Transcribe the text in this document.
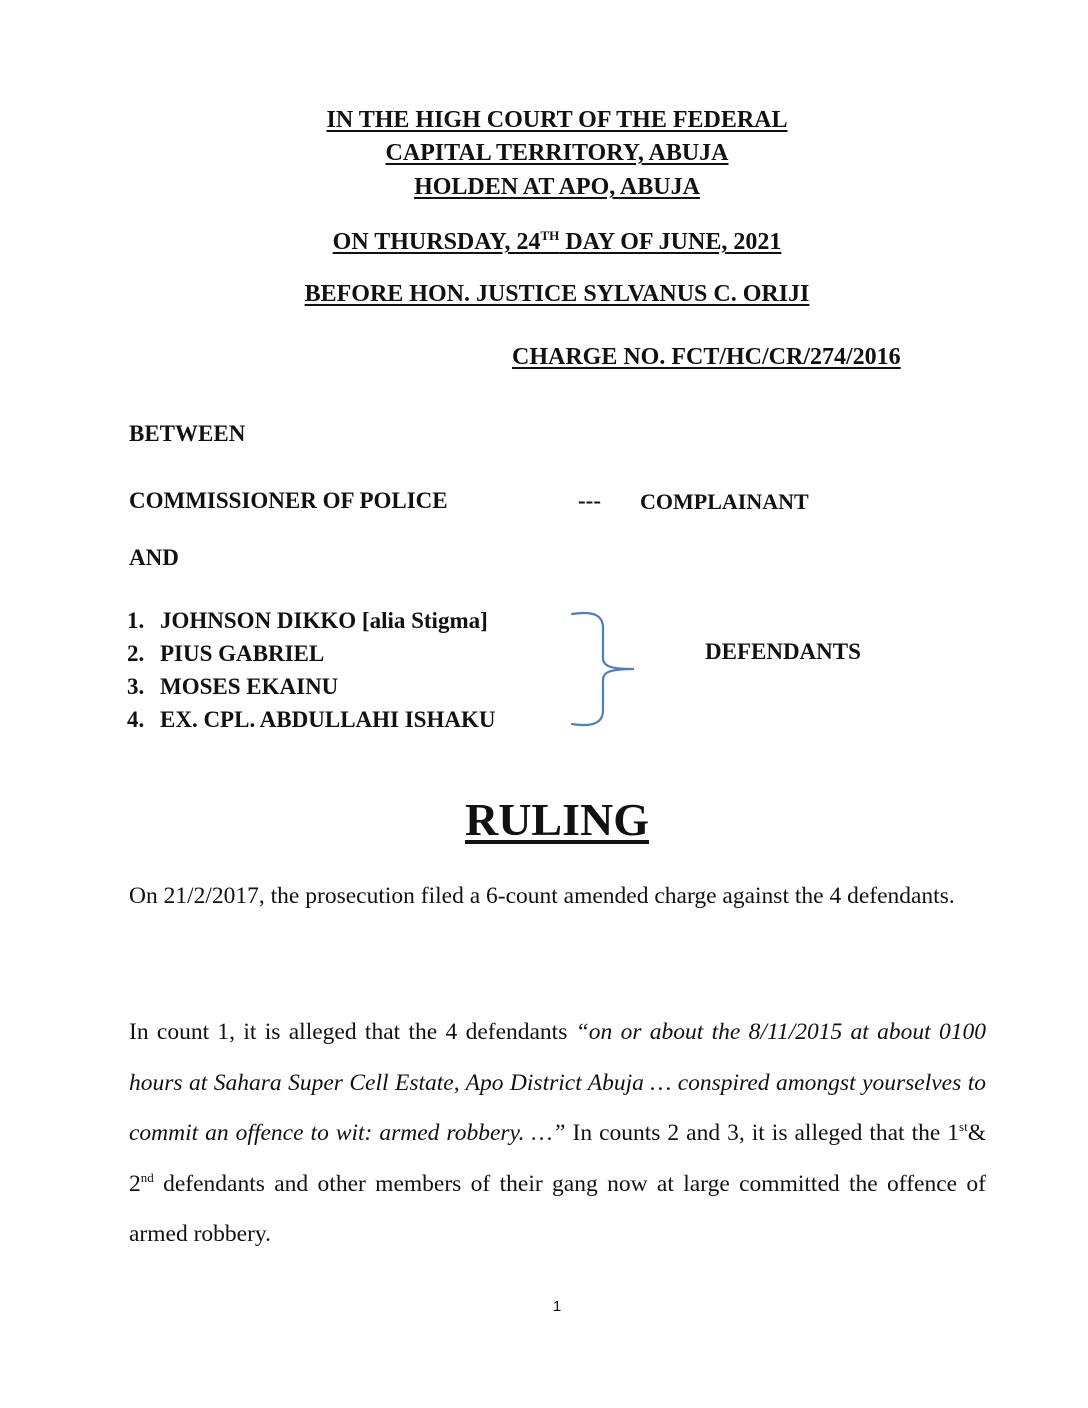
IN THE HIGH COURT OF THE FEDERAL
CAPITAL TERRITORY, ABUJA
HOLDEN AT APO, ABUJA
ON THURSDAY, 24TH DAY OF JUNE, 2021
BEFORE HON. JUSTICE SYLVANUS C. ORIJI
CHARGE NO. FCT/HC/CR/274/2016
BETWEEN
COMMISSIONER OF POLICE	--- COMPLAINANT
AND
1. JOHNSON DIKKO [alia Stigma]
2. PIUS GABRIEL
3. MOSES EKAINU
4. EX. CPL. ABDULLAHI ISHAKU
DEFENDANTS
RULING
On 21/2/2017, the prosecution filed a 6-count amended charge against the 4 defendants.
In count 1, it is alleged that the 4 defendants “on or about the 8/11/2015 at about 0100 hours at Sahara Super Cell Estate, Apo District Abuja … conspired amongst yourselves to commit an offence to wit: armed robbery. …” In counts 2 and 3, it is alleged that the 1st& 2nd defendants and other members of their gang now at large committed the offence of armed robbery.
1
